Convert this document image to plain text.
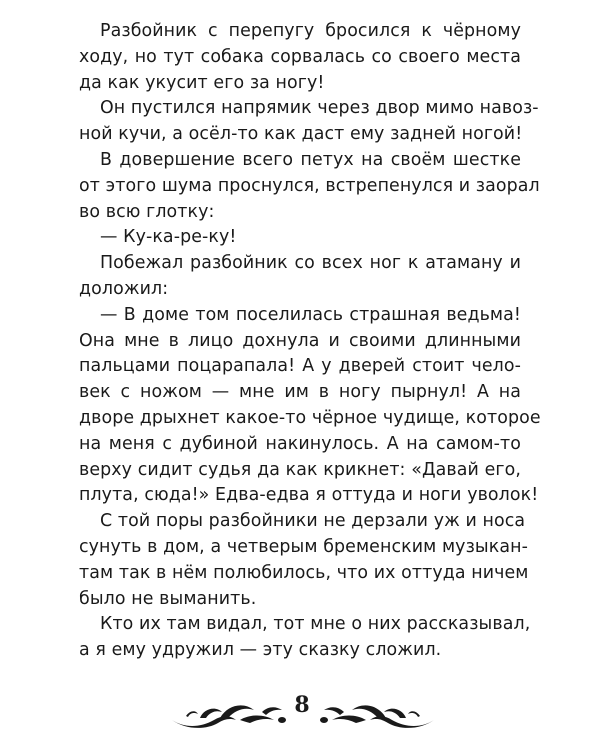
Разбойник с перепугу бросился к чёрному
ходу, но тут собака сорвалась со своего места
да как укусит его за ногу!
Он пустился напрямик через двор мимо навоз-
ной кучи, а осёл-то как даст ему задней ногой!
В довершение всего петух на своём шестке
от этого шума проснулся, встрепенулся и заорал
во всю глотку:
— Ку-ка-ре-ку!
Побежал разбойник со всех ног к атаману и
доложил:
— В доме том поселилась страшная ведьма!
Она мне в лицо дохнула и своими длинными
пальцами поцарапала! А у дверей стоит чело-
век с ножом — мне им в ногу пырнул! А на
дворе дрыхнет какое-то чёрное чудище, которое
на меня с дубиной накинулось. А на самом-то
верху сидит судья да как крикнет: «Давай его,
плута, сюда!» Едва-едва я оттуда и ноги уволок!
С той поры разбойники не дерзали уж и носа
сунуть в дом, а четверым бременским музыкан-
там так в нём полюбилось, что их оттуда ничем
было не выманить.
Кто их там видал, тот мне о них рассказывал,
а я ему удружил — эту сказку сложил.
8
